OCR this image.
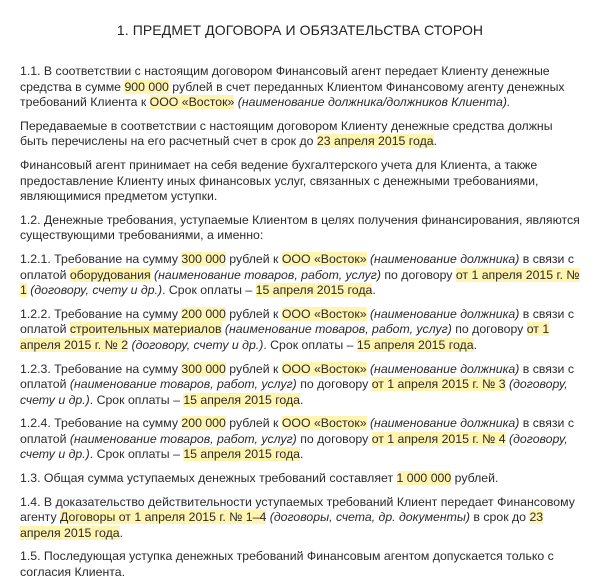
1. ПРЕДМЕТ ДОГОВОРА И ОБЯЗАТЕЛЬСТВА СТОРОН

1.1. В соответствии с настоящим договором Финансовый агент передает Клиенту денежные средства в сумме 900 000 рублей в счет переданных Клиентом Финансовому агенту денежных требований Клиента к ООО «Восток» (наименование должника/должников Клиента).

Передаваемые в соответствии с настоящим договором Клиенту денежные средства должны быть перечислены на его расчетный счет в срок до 23 апреля 2015 года.

Финансовый агент принимает на себя ведение бухгалтерского учета для Клиента, а также предоставление Клиенту иных финансовых услуг, связанных с денежными требованиями, являющимися предметом уступки.

1.2. Денежные требования, уступаемые Клиентом в целях получения финансирования, являются существующими требованиями, а именно:

1.2.1. Требование на сумму 300 000 рублей к ООО «Восток» (наименование должника) в связи с оплатой оборудования (наименование товаров, работ, услуг) по договору от 1 апреля 2015 г. № 1 (договору, счету и др.). Срок оплаты – 15 апреля 2015 года.

1.2.2. Требование на сумму 200 000 рублей к ООО «Восток» (наименование должника) в связи с оплатой строительных материалов (наименование товаров, работ, услуг) по договору от 1 апреля 2015 г. № 2 (договору, счету и др.). Срок оплаты – 15 апреля 2015 года.

1.2.3. Требование на сумму 300 000 рублей к ООО «Восток» (наименование должника) в связи с оплатой (наименование товаров, работ, услуг) по договору от 1 апреля 2015 г. № 3 (договору, счету и др.). Срок оплаты – 15 апреля 2015 года.

1.2.4. Требование на сумму 200 000 рублей к ООО «Восток» (наименование должника) в связи с оплатой (наименование товаров, работ, услуг) по договору от 1 апреля 2015 г. № 4 (договору, счету и др.). Срок оплаты – 15 апреля 2015 года.

1.3. Общая сумма уступаемых денежных требований составляет 1 000 000 рублей.

1.4. В доказательство действительности уступаемых требований Клиент передает Финансовому агенту Договоры от 1 апреля 2015 г. № 1–4 (договоры, счета, др. документы) в срок до 23 апреля 2015 года.

1.5. Последующая уступка денежных требований Финансовым агентом допускается только с согласия Клиента.
